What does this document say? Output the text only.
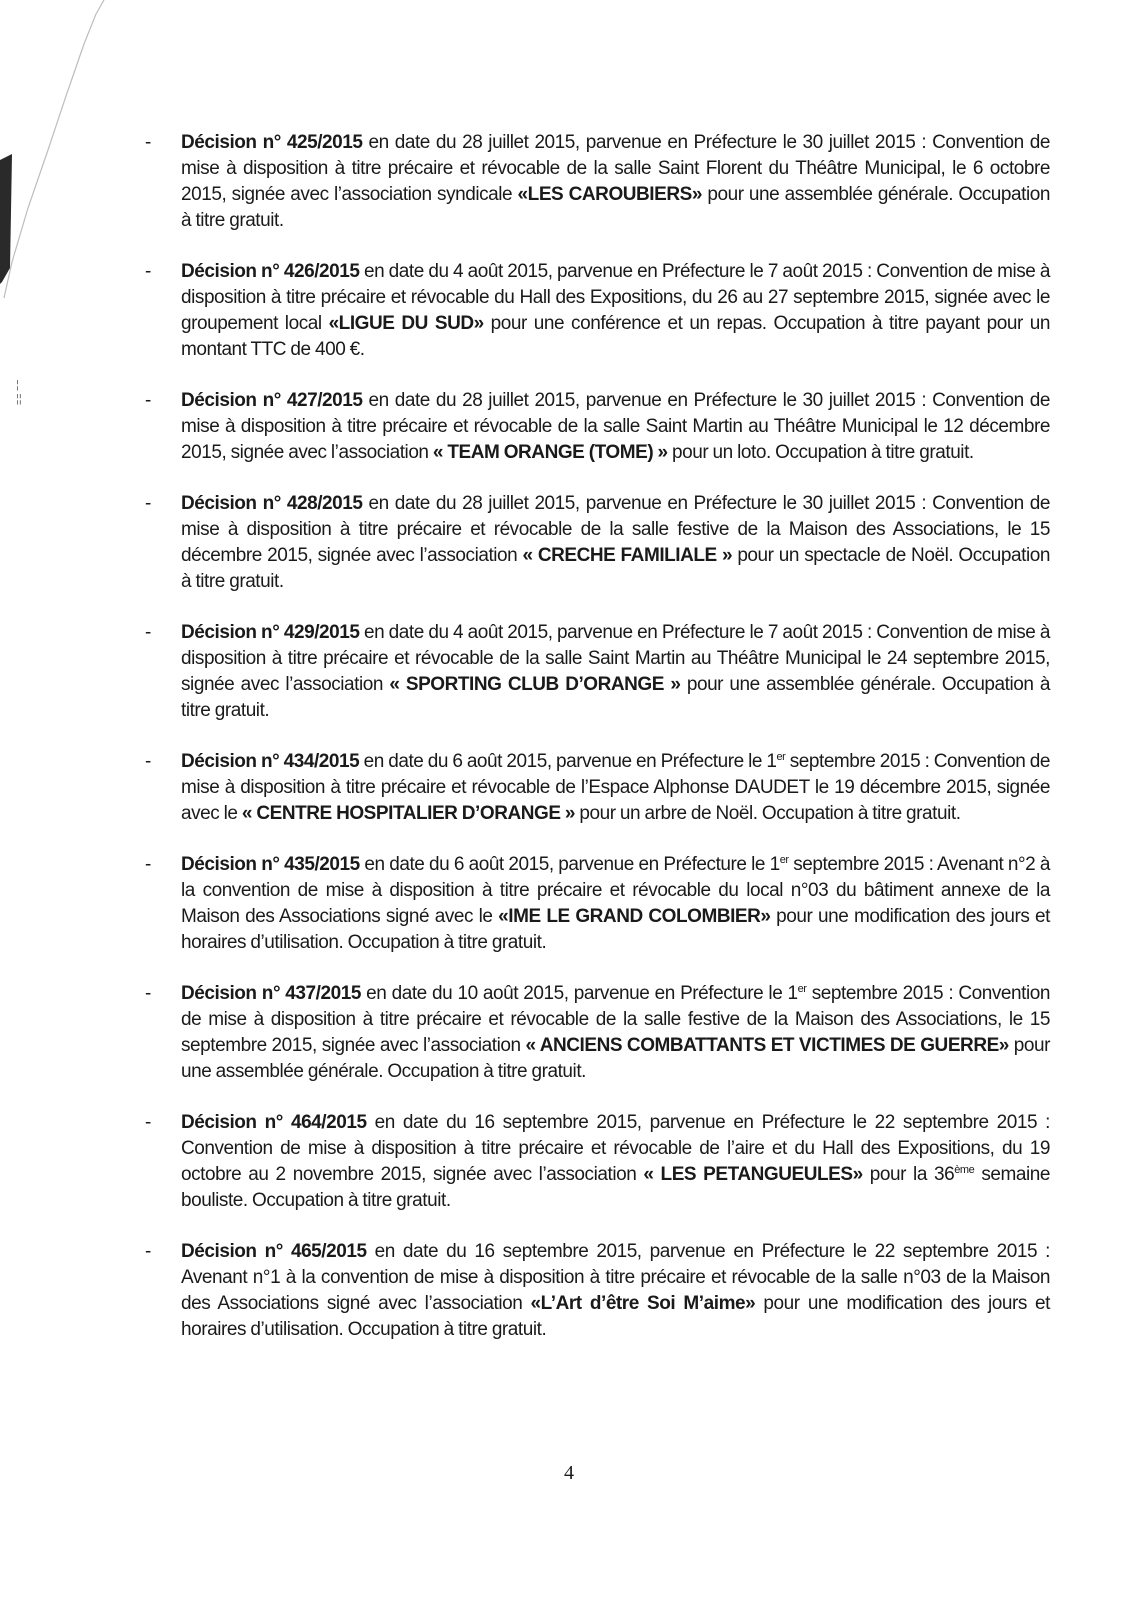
¦
¦¦
- Décision n° 425/2015 en date du 28 juillet 2015, parvenue en Préfecture le 30 juillet 2015 : Convention de mise à disposition à titre précaire et révocable de la salle Saint Florent du Théâtre Municipal, le 6 octobre 2015, signée avec l’association syndicale «LES CAROUBIERS» pour une assemblée générale. Occupation à titre gratuit.
- Décision n° 426/2015 en date du 4 août 2015, parvenue en Préfecture le 7 août 2015 : Convention de mise à disposition à titre précaire et révocable du Hall des Expositions, du 26 au 27 septembre 2015, signée avec le groupement local «LIGUE DU SUD» pour une conférence et un repas. Occupation à titre payant pour un montant TTC de 400 €.
- Décision n° 427/2015 en date du 28 juillet 2015, parvenue en Préfecture le 30 juillet 2015 : Convention de mise à disposition à titre précaire et révocable de la salle Saint Martin au Théâtre Municipal le 12 décembre 2015, signée avec l’association « TEAM ORANGE (TOME) » pour un loto. Occupation à titre gratuit.
- Décision n° 428/2015 en date du 28 juillet 2015, parvenue en Préfecture le 30 juillet 2015 : Convention de mise à disposition à titre précaire et révocable de la salle festive de la Maison des Associations, le 15 décembre 2015, signée avec l’association « CRECHE FAMILIALE » pour un spectacle de Noël. Occupation à titre gratuit.
- Décision n° 429/2015 en date du 4 août 2015, parvenue en Préfecture le 7 août 2015 : Convention de mise à disposition à titre précaire et révocable de la salle Saint Martin au Théâtre Municipal le 24 septembre 2015, signée avec l’association « SPORTING CLUB D’ORANGE » pour une assemblée générale. Occupation à titre gratuit.
- Décision n° 434/2015 en date du 6 août 2015, parvenue en Préfecture le 1er septembre 2015 : Convention de mise à disposition à titre précaire et révocable de l’Espace Alphonse DAUDET le 19 décembre 2015, signée avec le « CENTRE HOSPITALIER D’ORANGE » pour un arbre de Noël. Occupation à titre gratuit.
- Décision n° 435/2015 en date du 6 août 2015, parvenue en Préfecture le 1er septembre 2015 : Avenant n°2 à la convention de mise à disposition à titre précaire et révocable du local n°03 du bâtiment annexe de la Maison des Associations signé avec le «IME LE GRAND COLOMBIER» pour une modification des jours et horaires d’utilisation. Occupation à titre gratuit.
- Décision n° 437/2015 en date du 10 août 2015, parvenue en Préfecture le 1er septembre 2015 : Convention de mise à disposition à titre précaire et révocable de la salle festive de la Maison des Associations, le 15 septembre 2015, signée avec l’association « ANCIENS COMBATTANTS ET VICTIMES DE GUERRE» pour une assemblée générale. Occupation à titre gratuit.
- Décision n° 464/2015 en date du 16 septembre 2015, parvenue en Préfecture le 22 septembre 2015 : Convention de mise à disposition à titre précaire et révocable de l’aire et du Hall des Expositions, du 19 octobre au 2 novembre 2015, signée avec l’association « LES PETANGUEULES» pour la 36ème semaine bouliste. Occupation à titre gratuit.
- Décision n° 465/2015 en date du 16 septembre 2015, parvenue en Préfecture le 22 septembre 2015 : Avenant n°1 à la convention de mise à disposition à titre précaire et révocable de la salle n°03 de la Maison des Associations signé avec l’association «L’Art d’être Soi M’aime» pour une modification des jours et horaires d’utilisation. Occupation à titre gratuit.
4
